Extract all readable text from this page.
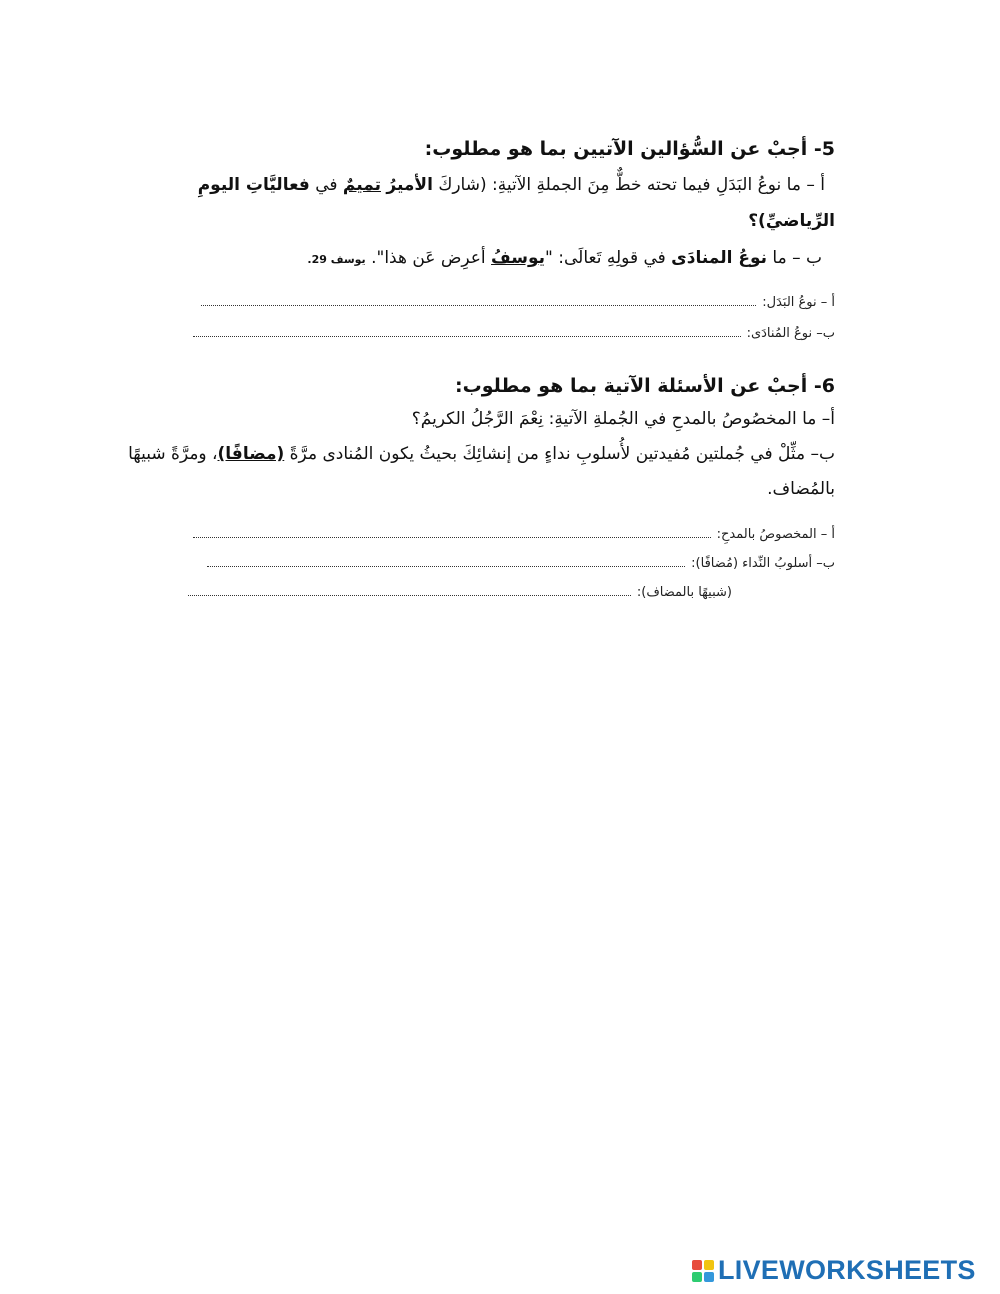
5- أجبْ عن السُّؤالين الآتيين بما هو مطلوب:
أ – ما نوعُ البَدَلِ فيما تحته خطٌّ مِنَ الجملةِ الآتيةِ: (شاركَ الأميرُ تميمٌ في فعاليَّاتِ اليومِ
الرِّياضيِّ)؟
ب – ما نوعُ المنادَى في قولِهِ تَعالَى: "يوسفُ أعرِض عَن هذا". يوسف 29.
أ – نوعُ البَدَل:
ب– نوعُ المُنادَى:
6- أجبْ عن الأسئلة الآتية بما هو مطلوب:
أ– ما المخصُوصُ بالمدحِ في الجُملةِ الآتيةِ: نِعْمَ الرَّجُلُ الكريمُ؟
ب– مثِّلْ في جُملتين مُفيدتين لأُسلوبِ نداءٍ من إنشائِكَ بحيثُ يكون المُنادى مرَّةً (مضافًا)، ومرَّةً شبيهًا
بالمُضاف.
أ – المخصوصُ بالمدحِ:
ب– أسلوبُ النِّداء (مُضافًا):
(شبيهًا بالمضاف):
LIVEWORKSHEETS
